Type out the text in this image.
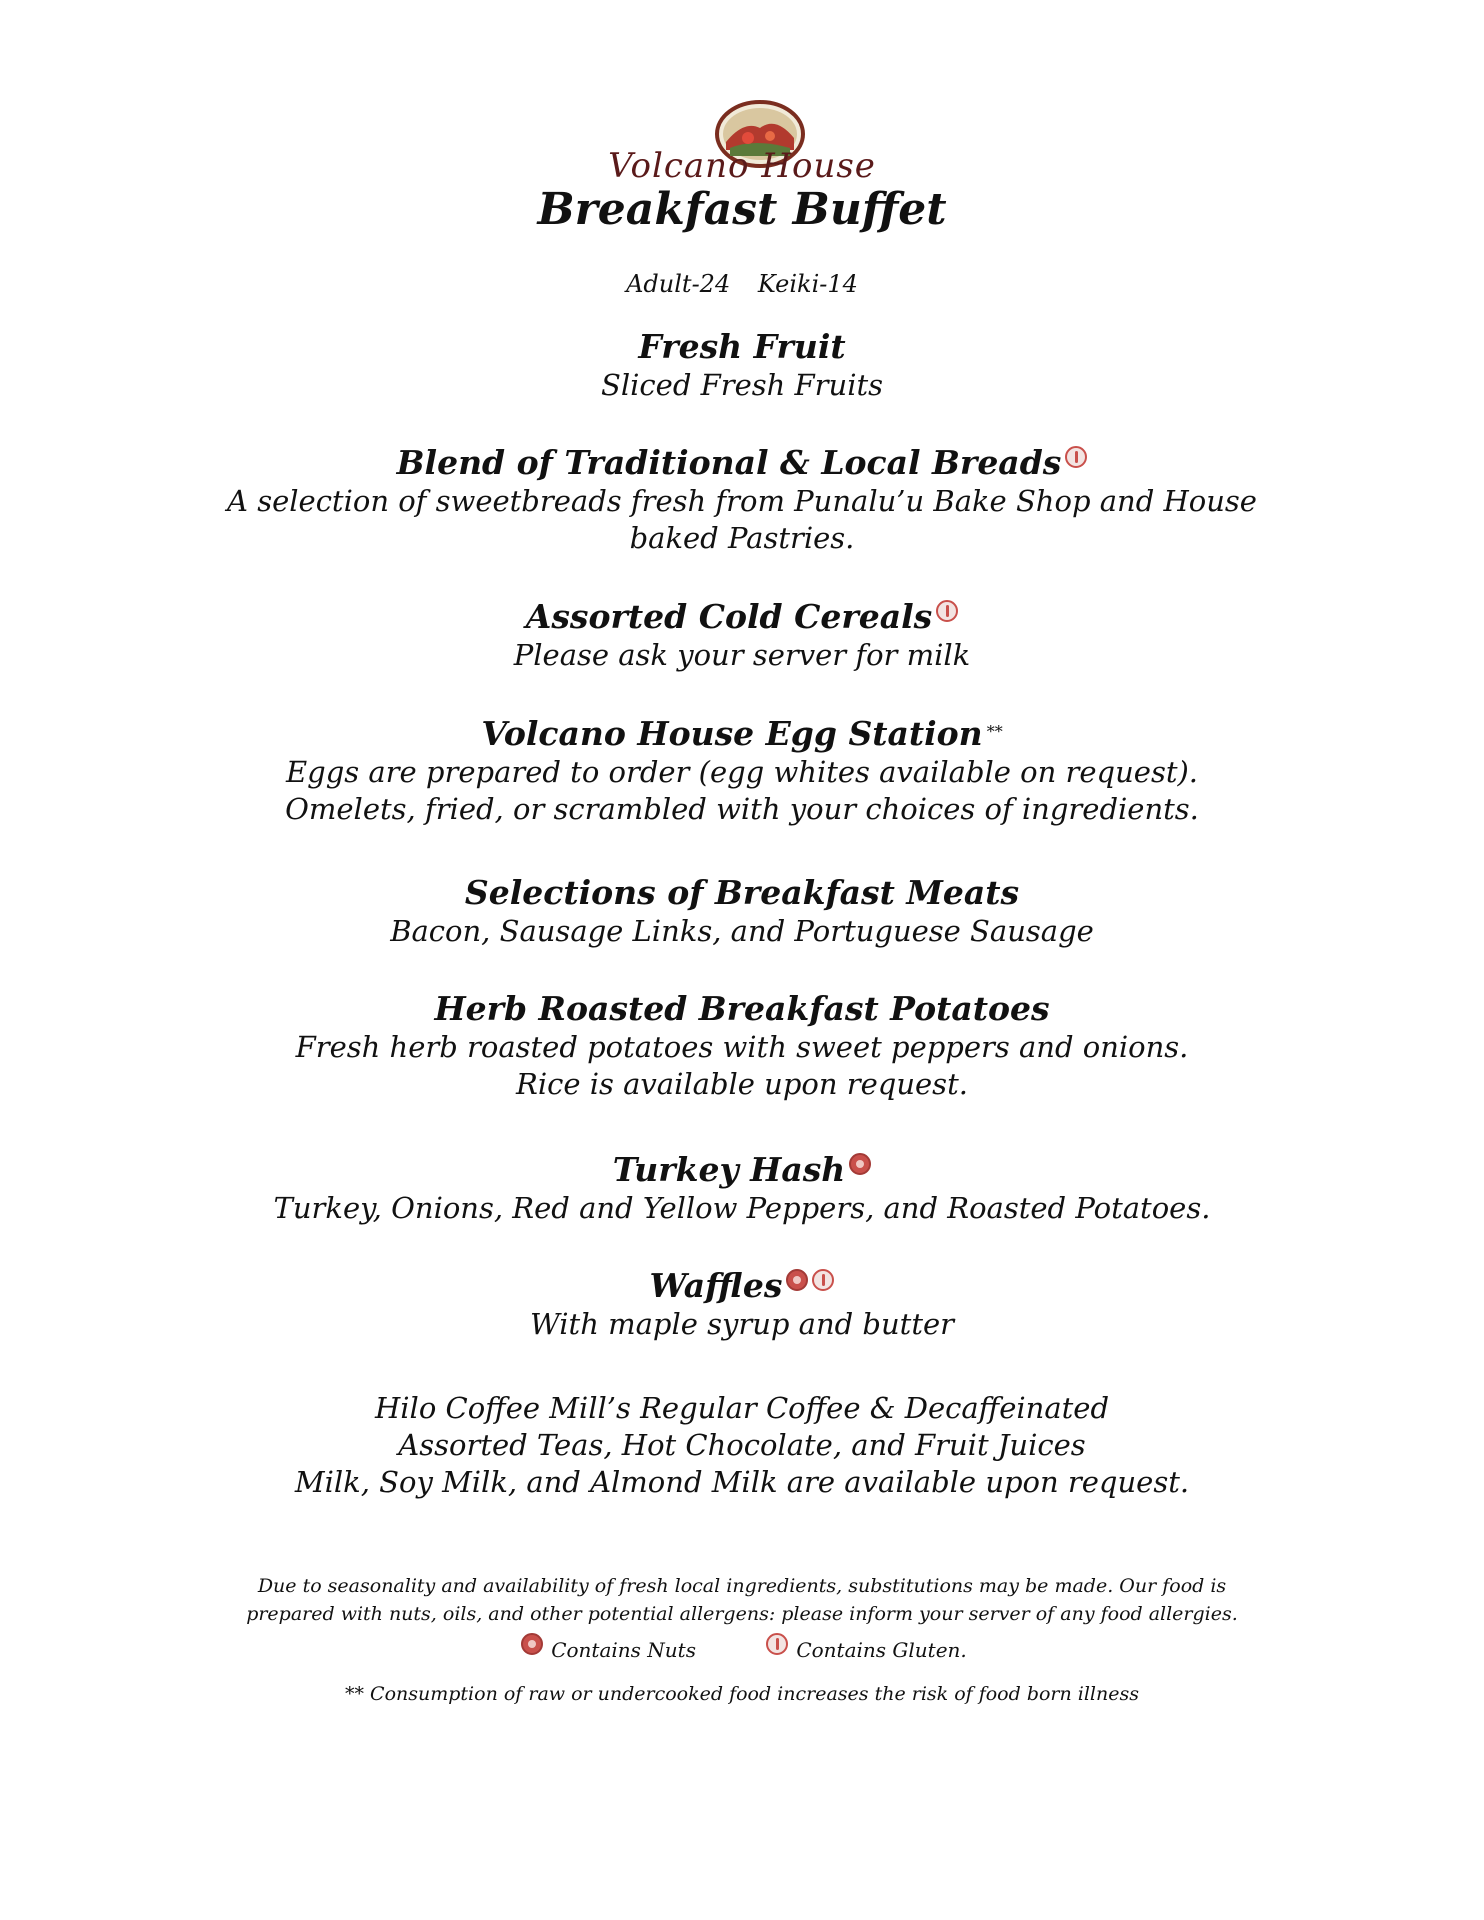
Volcano House
Breakfast Buffet
Adult-24 Keiki-14
Fresh Fruit
Sliced Fresh Fruits
Blend of Traditional & Local Breads
A selection of sweetbreads fresh from Punalu’u Bake Shop and House baked Pastries.
Assorted Cold Cereals
Please ask your server for milk
Volcano House Egg Station **
Eggs are prepared to order (egg whites available on request).
Omelets, fried, or scrambled with your choices of ingredients.
Selections of Breakfast Meats
Bacon, Sausage Links, and Portuguese Sausage
Herb Roasted Breakfast Potatoes
Fresh herb roasted potatoes with sweet peppers and onions.
Rice is available upon request.
Turkey Hash
Turkey, Onions, Red and Yellow Peppers, and Roasted Potatoes.
Waffles
With maple syrup and butter
Hilo Coffee Mill’s Regular Coffee & Decaffeinated
Assorted Teas, Hot Chocolate, and Fruit Juices
Milk, Soy Milk, and Almond Milk are available upon request.
Due to seasonality and availability of fresh local ingredients, substitutions may be made. Our food is
prepared with nuts, oils, and other potential allergens: please inform your server of any food allergies.
Contains Nuts	Contains Gluten.
** Consumption of raw or undercooked food increases the risk of food born illness
